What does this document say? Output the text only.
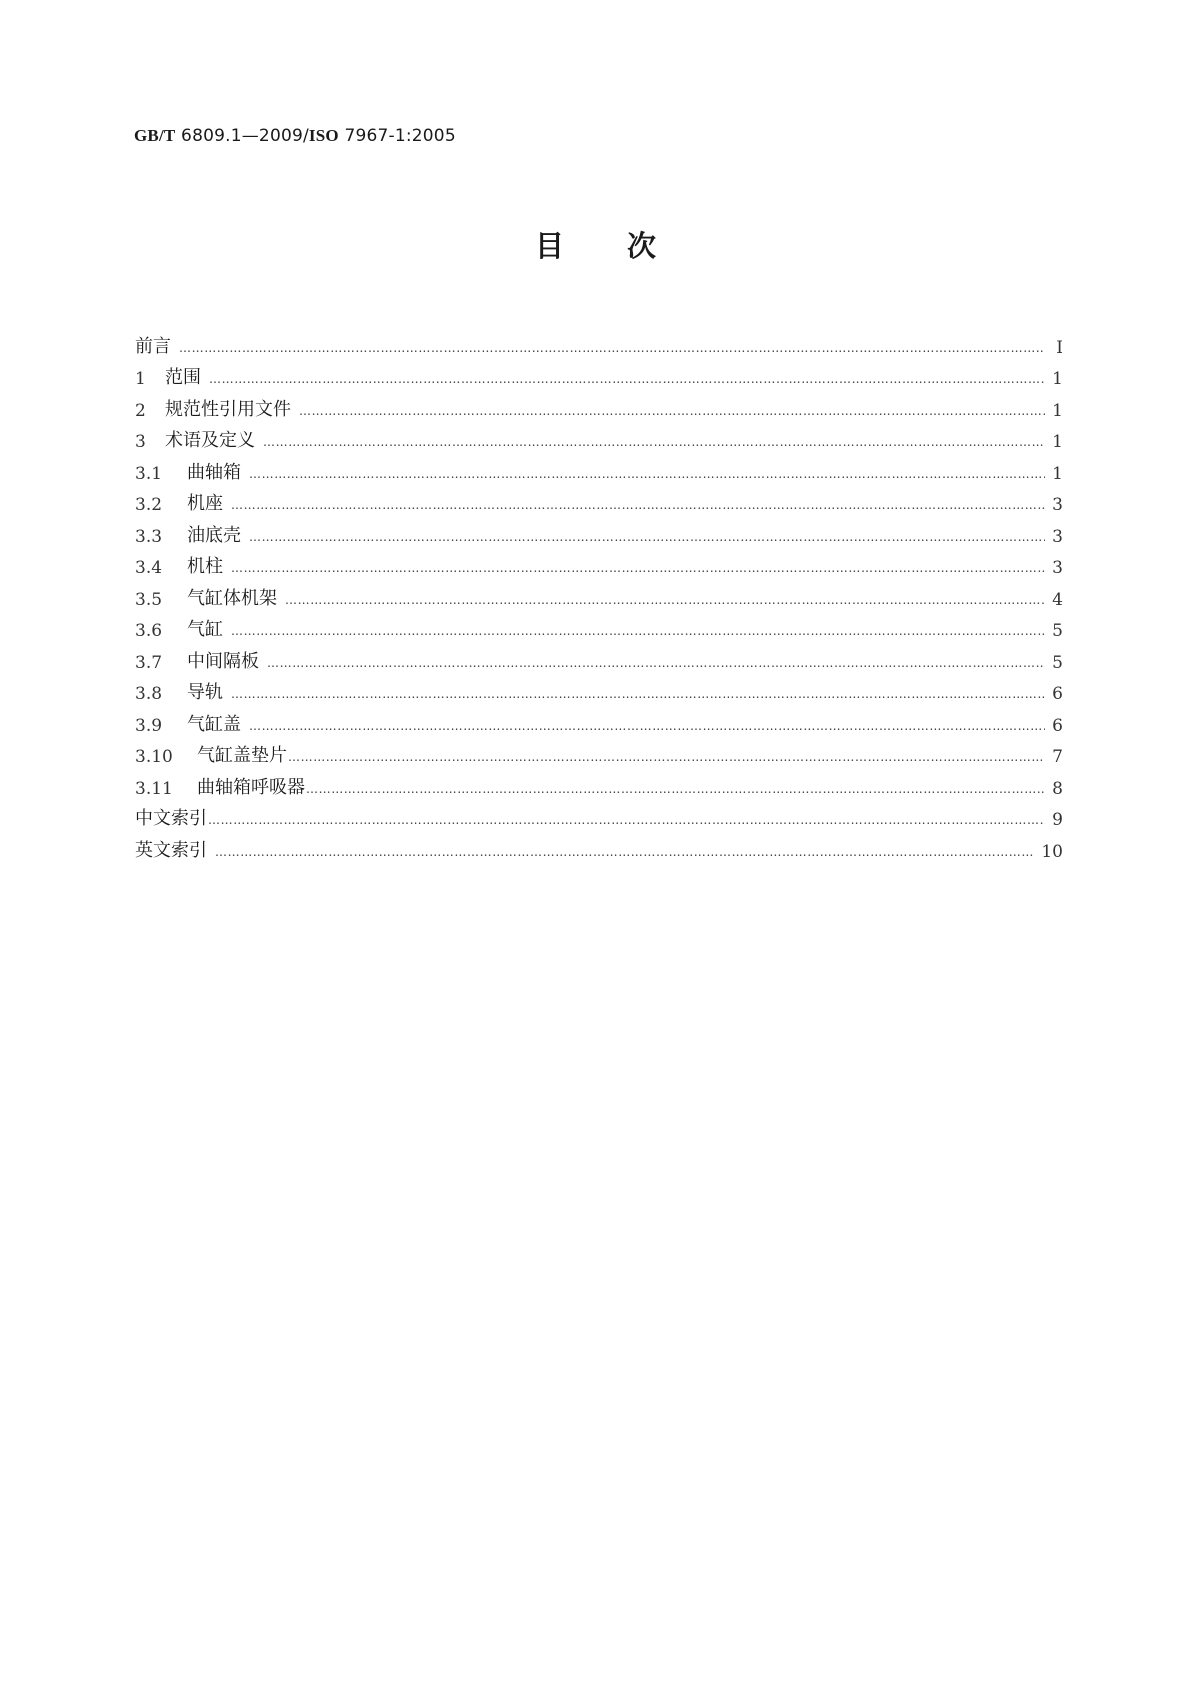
GB/T 6809.1—2009/ISO 7967-1:2005
目 次
前言 ……………………………………………………………………………………………………………………………………………………………………………………………………	Ⅰ
1	范围 ……………………………………………………………………………………………………………………………………………………………………………………………………	1
2	规范性引用文件 ……………………………………………………………………………………………………………………………………………………………………………………………………	1
3	术语及定义 ……………………………………………………………………………………………………………………………………………………………………………………………………	1
3.1	曲轴箱 ……………………………………………………………………………………………………………………………………………………………………………………………………	1
3.2	机座 ……………………………………………………………………………………………………………………………………………………………………………………………………	3
3.3	油底壳 ……………………………………………………………………………………………………………………………………………………………………………………………………	3
3.4	机柱 ……………………………………………………………………………………………………………………………………………………………………………………………………	3
3.5	气缸体机架 ……………………………………………………………………………………………………………………………………………………………………………………………………	4
3.6	气缸 ……………………………………………………………………………………………………………………………………………………………………………………………………	5
3.7	中间隔板 ……………………………………………………………………………………………………………………………………………………………………………………………………	5
3.8	导轨 ……………………………………………………………………………………………………………………………………………………………………………………………………	6
3.9	气缸盖 ……………………………………………………………………………………………………………………………………………………………………………………………………	6
3.10	气缸盖垫片 ……………………………………………………………………………………………………………………………………………………………………………………………………	7
3.11	曲轴箱呼吸器 ……………………………………………………………………………………………………………………………………………………………………………………………………	8
中文索引 ……………………………………………………………………………………………………………………………………………………………………………………………………	9
英文索引 ……………………………………………………………………………………………………………………………………………………………………………………………………	10
